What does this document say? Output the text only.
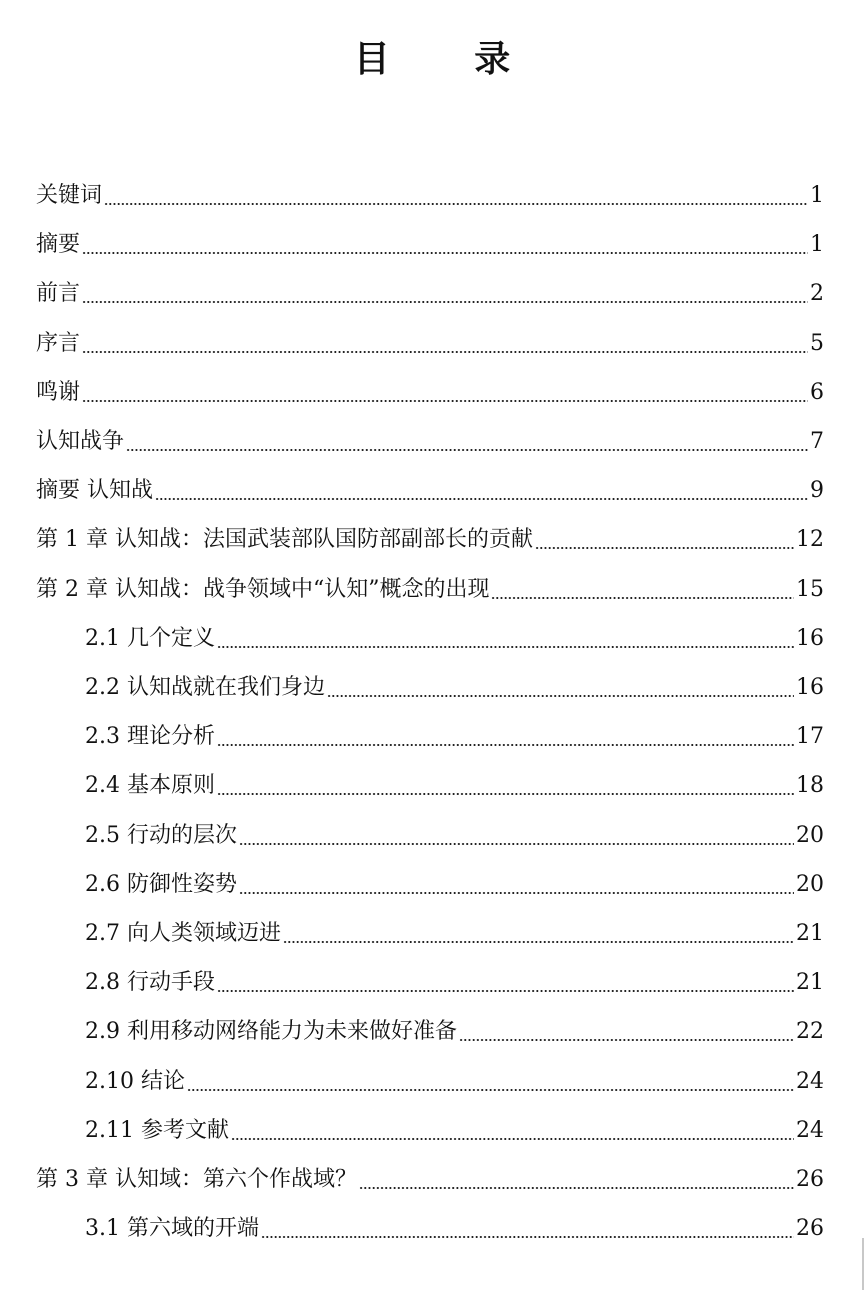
目 录
关键词	1
摘要	1
前言	2
序言	5
鸣谢	6
认知战争	7
摘要 认知战	9
第 1 章 认知战：法国武装部队国防部副部长的贡献	12
第 2 章 认知战：战争领域中“认知”概念的出现	15
2.1 几个定义	16
2.2 认知战就在我们身边	16
2.3 理论分析	17
2.4 基本原则	18
2.5 行动的层次	20
2.6 防御性姿势	20
2.7 向人类领域迈进	21
2.8 行动手段	21
2.9 利用移动网络能力为未来做好准备	22
2.10 结论	24
2.11 参考文献	24
第 3 章 认知域：第六个作战域？	26
3.1 第六域的开端	26
